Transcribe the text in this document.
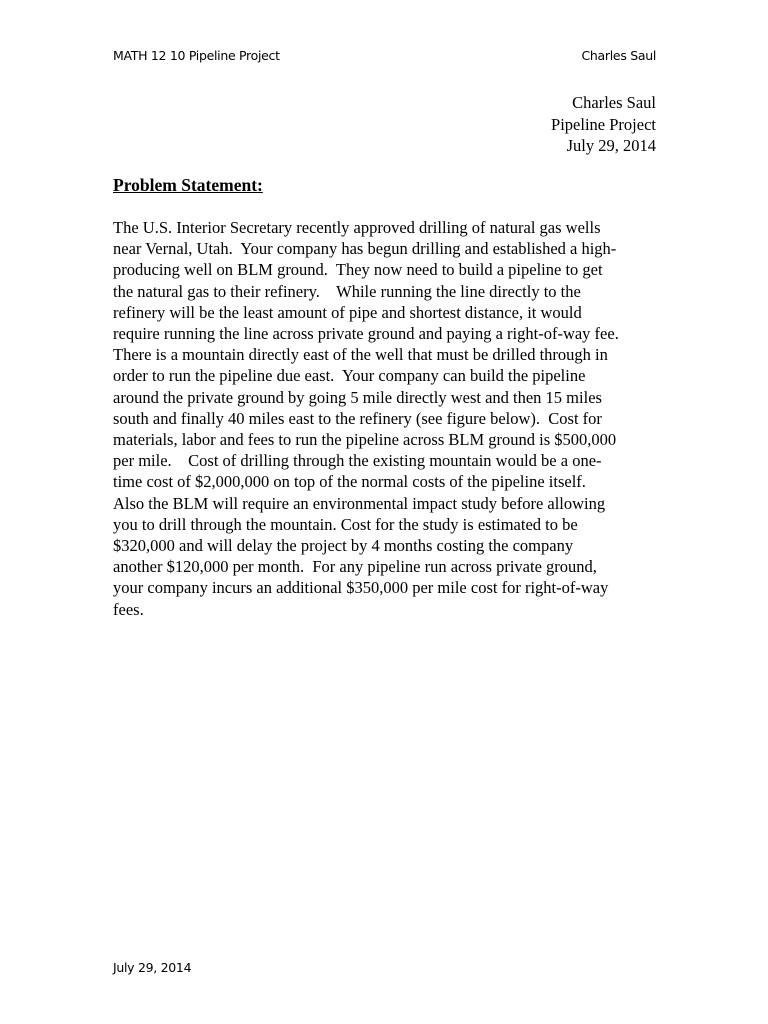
MATH 12 10 Pipeline Project	Charles Saul
Charles Saul
Pipeline Project
July 29, 2014
Problem Statement:
The U.S. Interior Secretary recently approved drilling of natural gas wells
near Vernal, Utah.  Your company has begun drilling and established a high-
producing well on BLM ground.  They now need to build a pipeline to get
the natural gas to their refinery.    While running the line directly to the
refinery will be the least amount of pipe and shortest distance, it would
require running the line across private ground and paying a right-of-way fee.
There is a mountain directly east of the well that must be drilled through in
order to run the pipeline due east.  Your company can build the pipeline
around the private ground by going 5 mile directly west and then 15 miles
south and finally 40 miles east to the refinery (see figure below).  Cost for
materials, labor and fees to run the pipeline across BLM ground is $500,000
per mile.    Cost of drilling through the existing mountain would be a one-
time cost of $2,000,000 on top of the normal costs of the pipeline itself.
Also the BLM will require an environmental impact study before allowing
you to drill through the mountain. Cost for the study is estimated to be
$320,000 and will delay the project by 4 months costing the company
another $120,000 per month.  For any pipeline run across private ground,
your company incurs an additional $350,000 per mile cost for right-of-way
fees.
July 29, 2014
